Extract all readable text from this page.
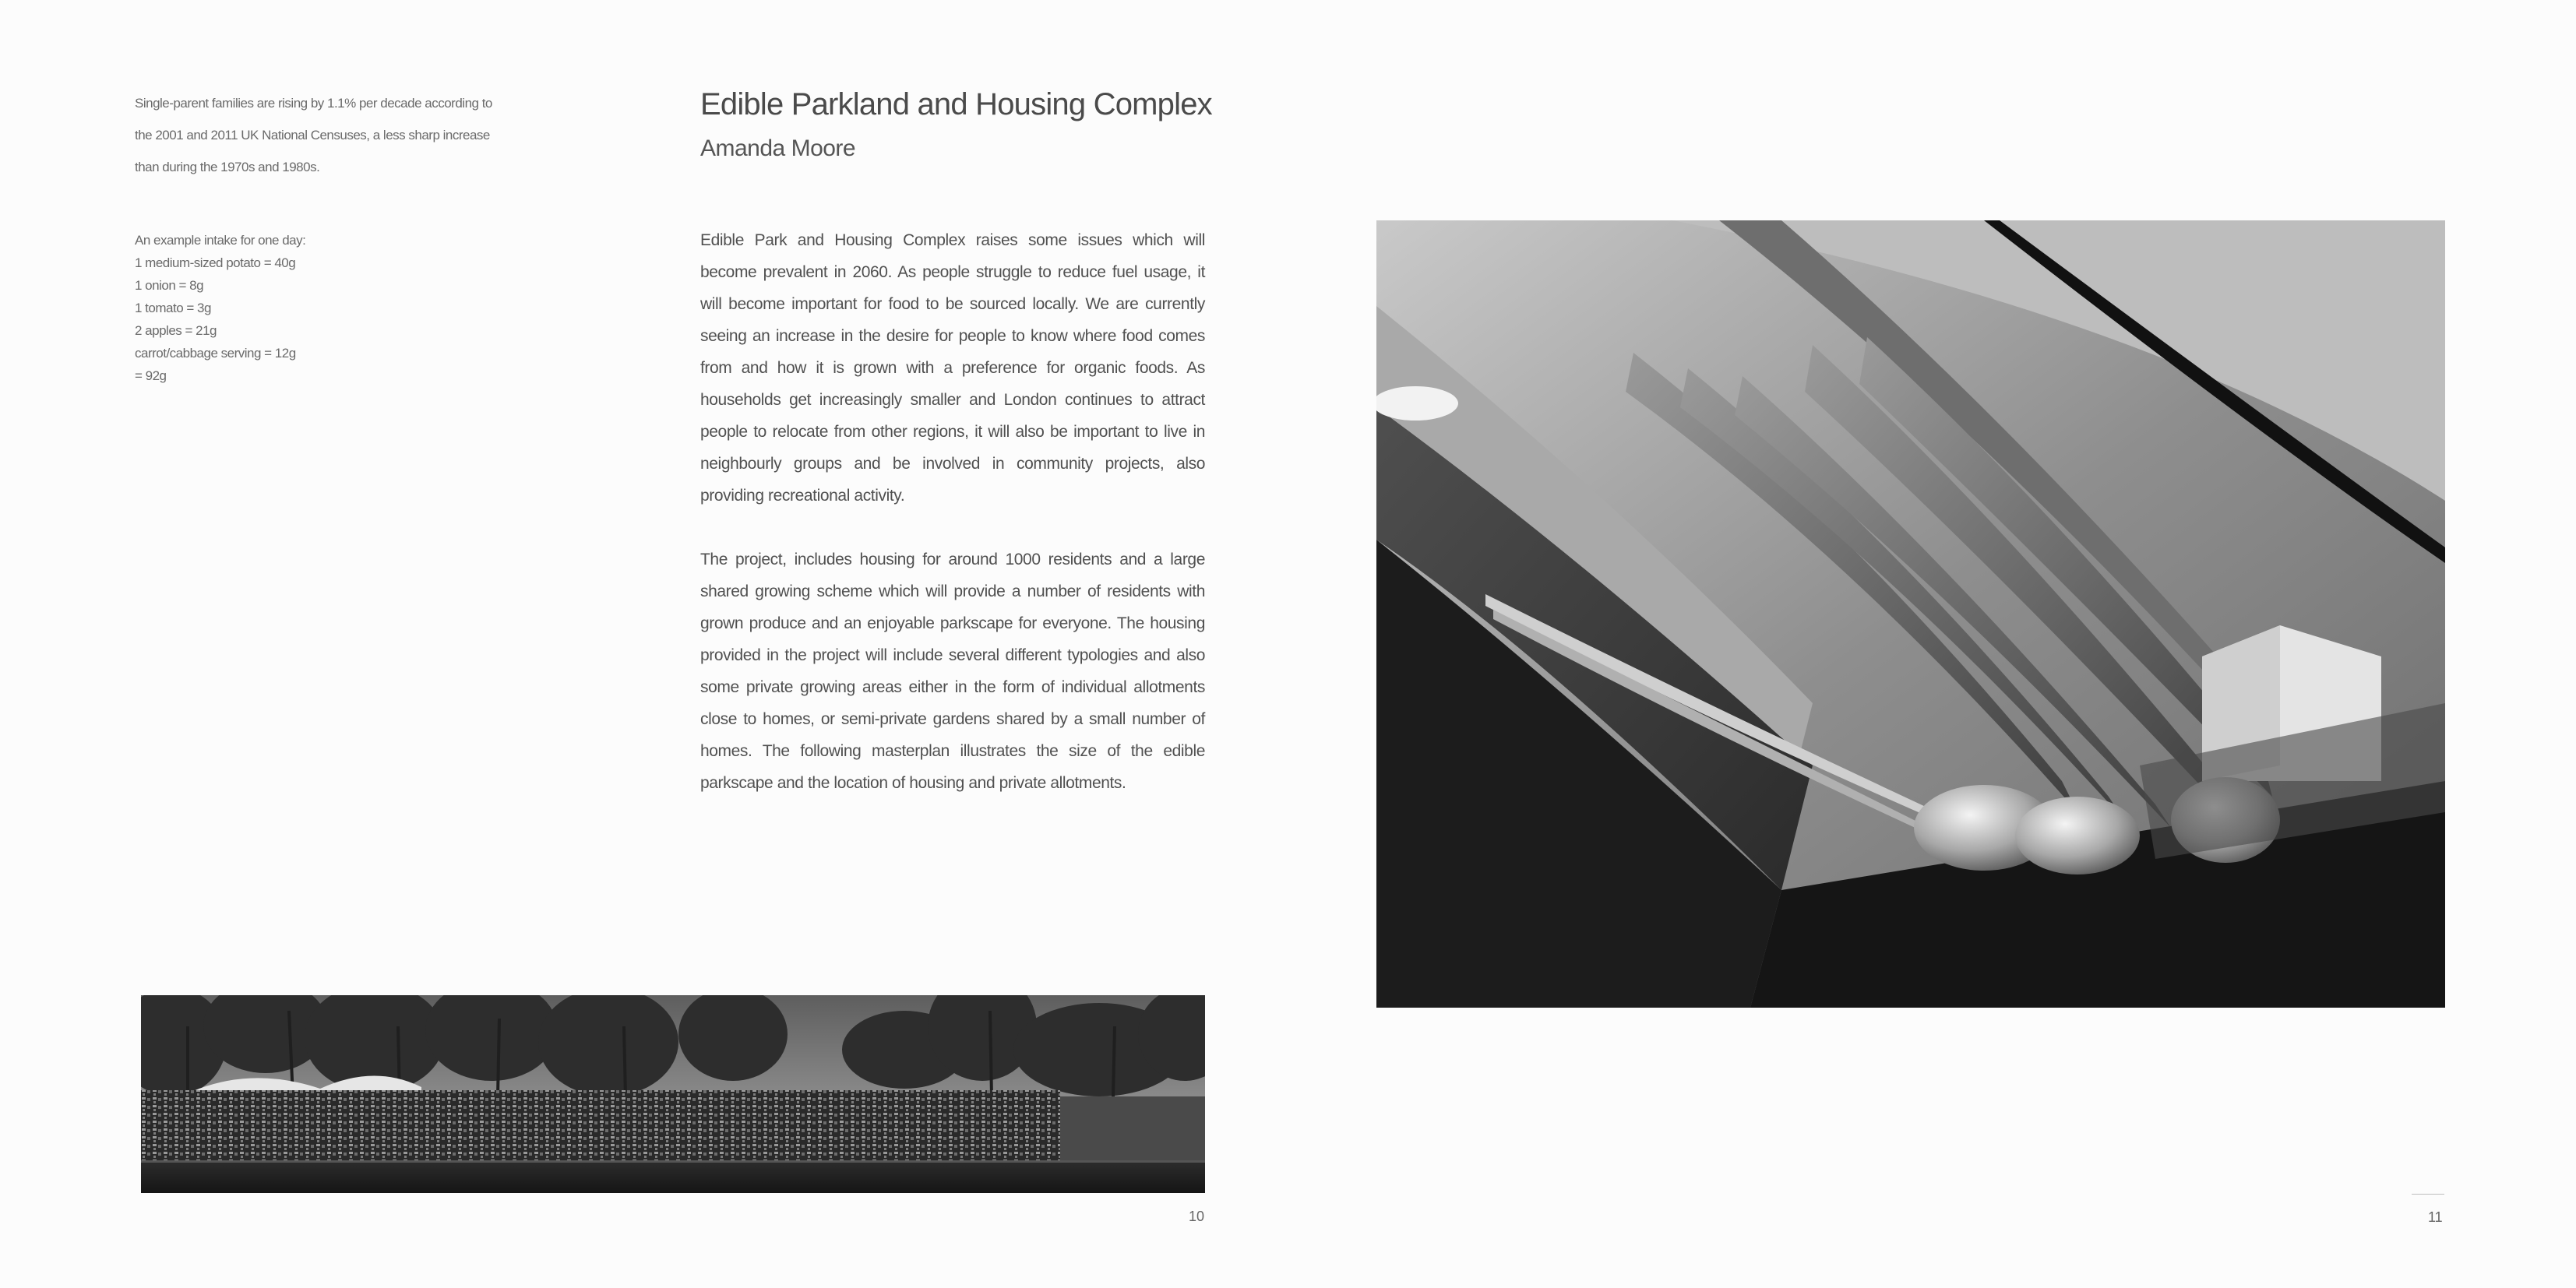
Single-parent families are rising by 1.1% per decade according to

the 2001 and 2011 UK National Censuses, a less sharp increase

than during the 1970s and 1980s.

An example intake for one day:
1 medium-sized potato = 40g
1 onion = 8g
1 tomato = 3g
2 apples = 21g
carrot/cabbage serving = 12g
= 92g
Edible Parkland and Housing Complex
Amanda Moore

Edible Park and Housing Complex raises some issues which will become prevalent in 2060. As people struggle to reduce fuel usage, it will become important for food to be sourced locally. We are currently seeing an increase in the desire for people to know where food comes from and how it is grown with a preference for organic foods. As households get increasingly smaller and London continues to attract people to relocate from other regions, it will also be important to live in neighbourly groups and be involved in community projects, also providing recreational activity.

The project, includes housing for around 1000 residents and a large shared growing scheme which will provide a number of residents with grown produce and an enjoyable parkscape for everyone. The housing provided in the project will include several different typologies and also some private growing areas either in the form of individual allotments close to homes, or semi-private gardens shared by a small number of homes. The following masterplan illustrates the size of the edible parkscape and the location of housing and private allotments.

10	11
